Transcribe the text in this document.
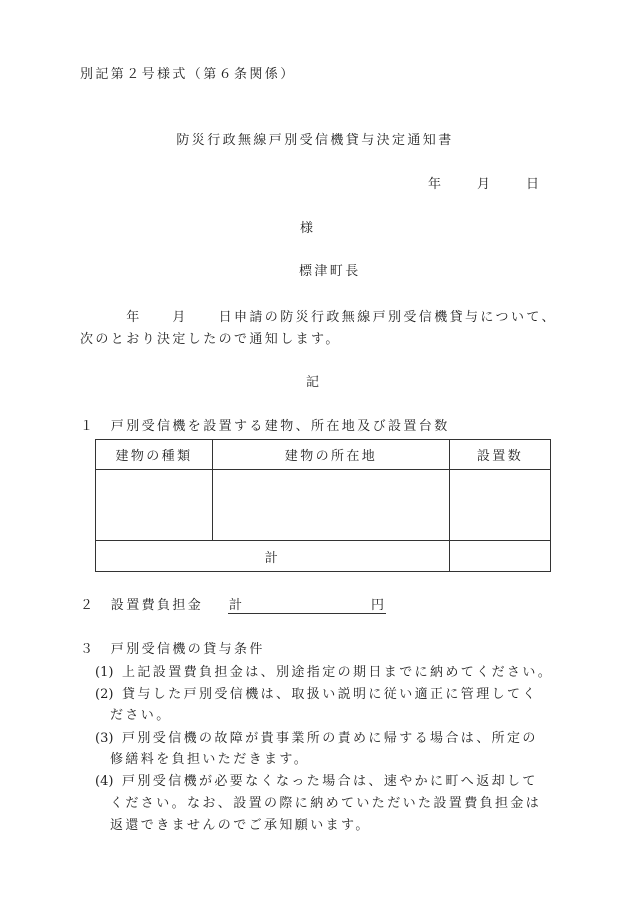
別記第２号様式（第６条関係）
防災行政無線戸別受信機貸与決定通知書
年	月	日
様
標津町長
　　　年　　月　　日申請の防災行政無線戸別受信機貸与について、
次のとおり決定したので通知します。
記
１　戸別受信機を設置する建物、所在地及び設置台数
建物の種類	建物の所在地	設置数

計		
２　設置費負担金 計	円
３　戸別受信機の貸与条件
(1) 上記設置費負担金は、別途指定の期日までに納めてください。
(2) 貸与した戸別受信機は、取扱い説明に従い適正に管理してく
ださい。
(3) 戸別受信機の故障が貴事業所の責めに帰する場合は、所定の
修繕料を負担いただきます。
(4) 戸別受信機が必要なくなった場合は、速やかに町へ返却して
ください。なお、設置の際に納めていただいた設置費負担金は
返還できませんのでご承知願います。
